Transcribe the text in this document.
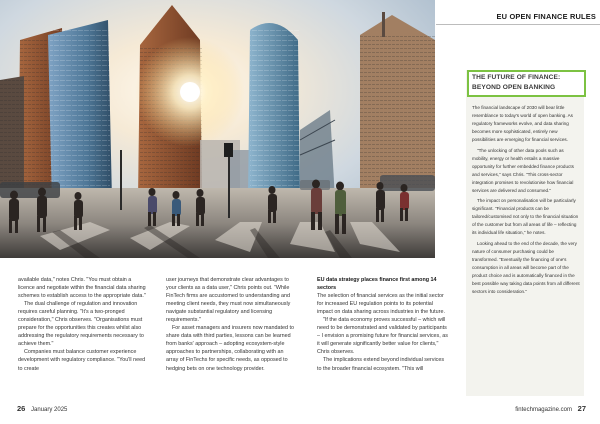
EU OPEN FINANCE RULES
THE FUTURE OF FINANCE:
BEYOND OPEN BANKING

The financial landscape of 2030 will bear little resemblance to today's world of open banking. As regulatory frameworks evolve, and data sharing becomes more sophisticated, entirely new possibilities are emerging for financial services.

"The unlocking of other data pools such as mobility, energy or health entails a massive opportunity for further embedded finance products and services," says Chris. "This cross-sector integration promises to revolutionise how financial services are delivered and consumed."

The impact on personalisation will be particularly significant. "Financial products can be tailored/customised not only to the financial situation of the customer but from all areas of life – reflecting its individual life situation," he notes.

Looking ahead to the end of the decade, the very nature of consumer purchasing could be transformed. "Eventually the financing of one's consumption in all areas will become part of the product choice and is automatically financed in the best possible way taking data points from all different sectors into consideration."

available data," notes Chris. "You must obtain a licence and negotiate within the financial data sharing schemes to establish access to the appropriate data."

The dual challenge of regulation and innovation requires careful planning. "It's a two-pronged consideration," Chris observes. "Organisations must prepare for the opportunities this creates whilst also addressing the regulatory requirements necessary to achieve them."

Companies must balance customer experience development with regulatory compliance. "You'll need to create

user journeys that demonstrate clear advantages to your clients as a data user," Chris points out. "While FinTech firms are accustomed to understanding and meeting client needs, they must now simultaneously navigate substantial regulatory and licensing requirements."

For asset managers and insurers now mandated to share data with third parties, lessons can be learned from banks' approach – adopting ecosystem-style approaches to partnerships, collaborating with an array of FinTechs for specific needs, as opposed to hedging bets on one technology provider.

EU data strategy places finance first among 14 sectors

The selection of financial services as the initial sector for increased EU regulation points to its potential impact on data sharing across industries in the future.

"If the data economy proves successful – which will need to be demonstrated and validated by participants – I envision a promising future for financial services, as it will generate significantly better value for clients," Chris observes.

The implications extend beyond individual services to the broader financial ecosystem. "This will

26 January 2025	fintechmagazine.com 27
